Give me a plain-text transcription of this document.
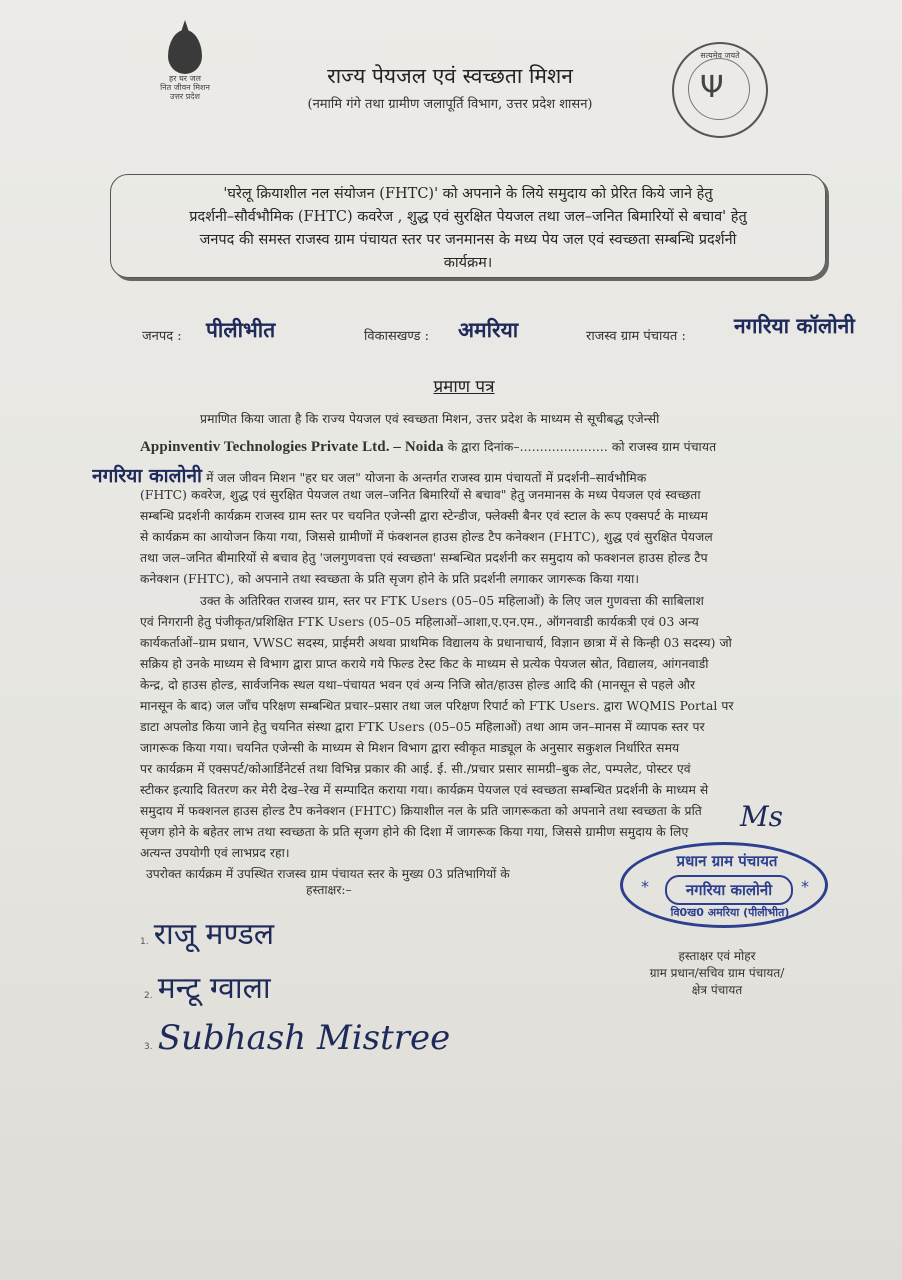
हर घर जल
नित जीवन मिशन
उत्तर प्रदेश
राज्य पेयजल एवं स्वच्छता मिशन
(नमामि गंगे तथा ग्रामीण जलापूर्ति विभाग, उत्तर प्रदेश शासन)
सत्यमेव जयते
Ψ
'घरेलू क्रियाशील नल संयोजन (FHTC)' को अपनाने के लिये समुदाय को प्रेरित किये जाने हेतु
प्रदर्शनी–सौर्वभौमिक (FHTC) कवरेज , शुद्ध एवं सुरक्षित पेयजल तथा जल–जनित बिमारियों से बचाव' हेतु
जनपद की समस्त राजस्व ग्राम पंचायत स्तर पर जनमानस के मध्य पेय जल एवं स्वच्छता सम्बन्धि प्रदर्शनी
कार्यक्रम।
जनपद : पीलीभीत	विकासखण्ड : अमरिया	राजस्व ग्राम पंचायत : नगरिया कॉलोनी
प्रमाण पत्र
प्रमाणित किया जाता है कि राज्य पेयजल एवं स्वच्छता मिशन, उत्तर प्रदेश के माध्यम से सूचीबद्ध एजेन्सी
Appinventiv Technologies Private Ltd. – Noida के द्वारा दिनांक–...................... को राजस्व ग्राम पंचायत
नगरिया कालोनी में जल जीवन मिशन "हर घर जल" योजना के अन्तर्गत राजस्व ग्राम पंचायतों में प्रदर्शनी–सार्वभौमिक
(FHTC) कवरेज, शुद्ध एवं सुरक्षित पेयजल तथा जल–जनित बिमारियों से बचाव" हेतु जनमानस के मध्य पेयजल एवं स्वच्छता
सम्बन्धि प्रदर्शनी कार्यक्रम राजस्व ग्राम स्तर पर चयनित एजेन्सी द्वारा स्टेन्डीज, फ्लेक्सी बैनर एवं स्टाल के रूप एक्सपर्ट के माध्यम
से कार्यक्रम का आयोजन किया गया, जिससे ग्रामीणों में फंक्शनल हाउस होल्ड टैप कनेक्शन (FHTC), शुद्ध एवं सुरक्षित पेयजल
तथा जल–जनित बीमारियों से बचाव हेतु 'जलगुणवत्ता एवं स्वच्छता' सम्बन्धित प्रदर्शनी कर समुदाय को फक्शनल हाउस होल्ड टैप
कनेक्शन (FHTC), को अपनाने तथा स्वच्छता के प्रति सृजग होने के प्रति प्रदर्शनी लगाकर जागरूक किया गया।
उक्त के अतिरिक्त राजस्व ग्राम, स्तर पर FTK Users (05–05 महिलाओं) के लिए जल गुणवत्ता की साबिलाश
एवं निगरानी हेतु पंजीकृत/प्रशिक्षित FTK Users (05–05 महिलाओं–आशा,ए.एन.एम., ऑगनवाडी कार्यकत्री एवं 03 अन्य
कार्यकर्ताओं–ग्राम प्रधान, VWSC सदस्य, प्राईमरी अथवा प्राथमिक विद्यालय के प्रधानाचार्य, विज्ञान छात्रा में से किन्ही 03 सदस्य) जो
सक्रिय हो उनके माध्यम से विभाग द्वारा प्राप्त कराये गये फिल्ड टेस्ट किट के माध्यम से प्रत्येक पेयजल स्रोत, विद्यालय, आंगनवाडी
केन्द्र, दो हाउस होल्ड, सार्वजनिक स्थल यथा–पंचायत भवन एवं अन्य निजि स्रोत/हाउस होल्ड आदि की (मानसून से पहले और
मानसून के बाद) जल जाँच परिक्षण सम्बन्धित प्रचार–प्रसार तथा जल परिक्षण रिपार्ट को FTK Users. द्वारा WQMIS Portal पर
डाटा अपलोड किया जाने हेतु चयनित संस्था द्वारा FTK Users (05–05 महिलाओं) तथा आम जन–मानस में व्यापक स्तर पर
जागरूक किया गया। चयनित एजेन्सी के माध्यम से मिशन विभाग द्वारा स्वीकृत माड्यूल के अनुसार सकुशल निर्धारित समय
पर कार्यक्रम में एक्सपर्ट/कोआर्डिनेटर्स तथा विभिन्न प्रकार की आई. ई. सी./प्रचार प्रसार सामग्री–बुक लेट, पम्पलेट, पोस्टर एवं
स्टीकर इत्यादि वितरण कर मेरी देख–रेख में सम्पादित कराया गया। कार्यक्रम पेयजल एवं स्वच्छता सम्बन्धित प्रदर्शनी के माध्यम से
समुदाय में फक्शनल हाउस होल्ड टैप कनेक्शन (FHTC) क्रियाशील नल के प्रति जागरूकता को अपनाने तथा स्वच्छता के प्रति
सृजग होने के बहेतर लाभ तथा स्वच्छता के प्रति सृजग होने की दिशा में जागरूक किया गया, जिससे ग्रामीण समुदाय के लिए
अत्यन्त उपयोगी एवं लाभप्रद रहा।
उपरोक्त कार्यक्रम में उपस्थित राजस्व ग्राम पंचायत स्तर के मुख्य 03 प्रतिभागियों के
हस्ताक्षर:–
1. राजू मण्डल
2. मन्टू ग्वाला
3. Subhash Mistree
Ms
प्रधान ग्राम पंचायत
*	नगरिया कालोनी	*
वि0ख0 अमरिया (पीलीभीत)
हस्ताक्षर एवं मोहर
ग्राम प्रधान/सचिव ग्राम पंचायत/
क्षेत्र पंचायत
